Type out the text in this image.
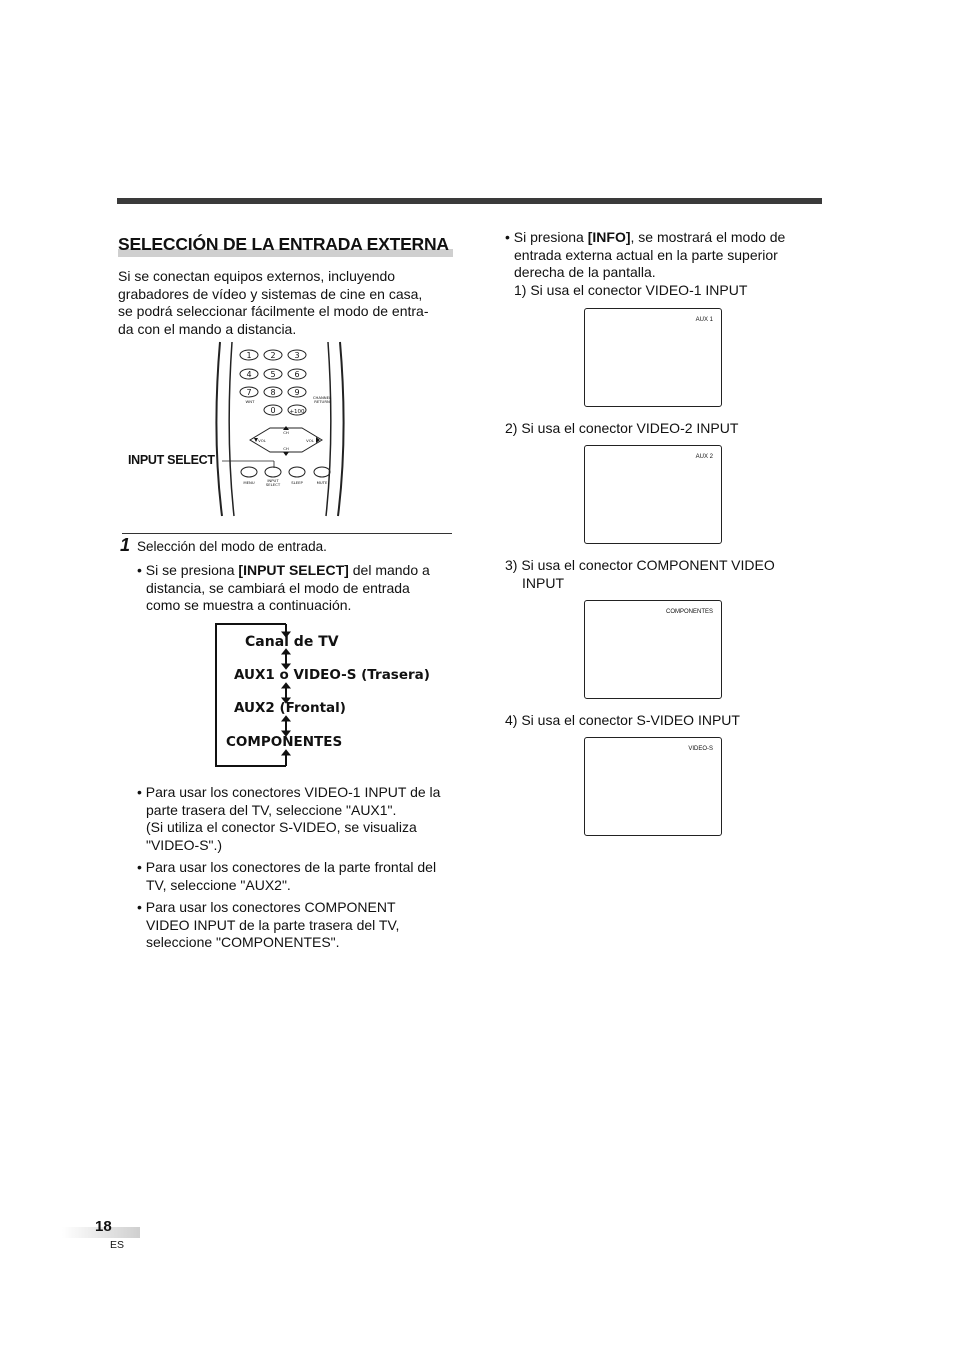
SELECCIÓN DE LA ENTRADA EXTERNA

Si se conectan equipos externos, incluyendo
grabadores de vídeo y sistemas de cine en casa,
se podrá seleccionar fácilmente el modo de entra-
da con el mando a distancia.

INPUT SELECT
1 2 3
4 5 6
7 8 9
0	+100
WNT
CHANNEL
RETURN
CH
CH
VOL	VOL
MENU	INPUT
SELECT	SLEEP	MUTE
1 Selección del modo de entrada.
• Si se presiona [INPUT SELECT] del mando a
distancia, se cambiará el modo de entrada
como se muestra a continuación.
Canal de TV
AUX1 o VIDEO-S (Trasera)
AUX2 (Frontal)
COMPONENTES
• Para usar los conectores VIDEO-1 INPUT de la
parte trasera del TV, seleccione "AUX1".
(Si utiliza el conector S-VIDEO, se visualiza
"VIDEO-S".)
• Para usar los conectores de la parte frontal del
TV, seleccione "AUX2".
• Para usar los conectores COMPONENT
VIDEO INPUT de la parte trasera del TV,
seleccione "COMPONENTES".
• Si presiona [INFO], se mostrará el modo de
entrada externa actual en la parte superior
derecha de la pantalla.
1) Si usa el conector VIDEO-1 INPUT
AUX 1
2) Si usa el conector VIDEO-2 INPUT
AUX 2
3) Si usa el conector COMPONENT VIDEO
INPUT
COMPONENTES
4) Si usa el conector S-VIDEO INPUT
VIDEO-S
18
ES
